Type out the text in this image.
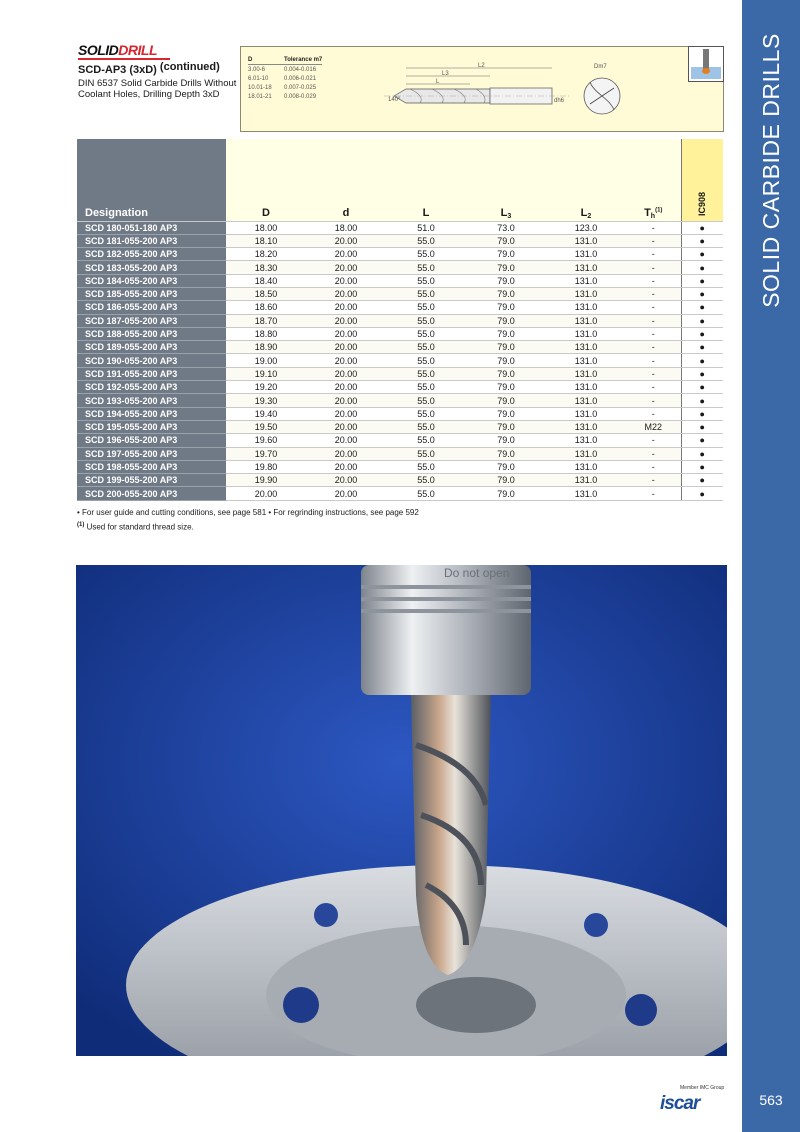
SOLID CARBIDE DRILLS
563
SOLIDDRILL
SCD-AP3 (3xD) (continued)
DIN 6537 Solid Carbide Drills Without
Coolant Holes, Drilling Depth 3xD
D	Tolerance m7
3.00-6	0.004-0.016
6.01-10	0.006-0.021
10.01-18	0.007-0.025
18.01-21	0.008-0.029
L2
L3
L
140°	dh6
Dm7
Designation	D	d	L	L3	L2	Th$^{(1)}$	IC908
SCD 180-051-180 AP3	18.00	18.00	51.0	73.0	123.0	-	●
SCD 181-055-200 AP3	18.10	20.00	55.0	79.0	131.0	-	●
SCD 182-055-200 AP3	18.20	20.00	55.0	79.0	131.0	-	●
SCD 183-055-200 AP3	18.30	20.00	55.0	79.0	131.0	-	●
SCD 184-055-200 AP3	18.40	20.00	55.0	79.0	131.0	-	●
SCD 185-055-200 AP3	18.50	20.00	55.0	79.0	131.0	-	●
SCD 186-055-200 AP3	18.60	20.00	55.0	79.0	131.0	-	●
SCD 187-055-200 AP3	18.70	20.00	55.0	79.0	131.0	-	●
SCD 188-055-200 AP3	18.80	20.00	55.0	79.0	131.0	-	●
SCD 189-055-200 AP3	18.90	20.00	55.0	79.0	131.0	-	●
SCD 190-055-200 AP3	19.00	20.00	55.0	79.0	131.0	-	●
SCD 191-055-200 AP3	19.10	20.00	55.0	79.0	131.0	-	●
SCD 192-055-200 AP3	19.20	20.00	55.0	79.0	131.0	-	●
SCD 193-055-200 AP3	19.30	20.00	55.0	79.0	131.0	-	●
SCD 194-055-200 AP3	19.40	20.00	55.0	79.0	131.0	-	●
SCD 195-055-200 AP3	19.50	20.00	55.0	79.0	131.0	M22	●
SCD 196-055-200 AP3	19.60	20.00	55.0	79.0	131.0	-	●
SCD 197-055-200 AP3	19.70	20.00	55.0	79.0	131.0	-	●
SCD 198-055-200 AP3	19.80	20.00	55.0	79.0	131.0	-	●
SCD 199-055-200 AP3	19.90	20.00	55.0	79.0	131.0	-	●
SCD 200-055-200 AP3	20.00	20.00	55.0	79.0	131.0	-	●
• For user guide and cutting conditions, see page 581 • For regrinding instructions, see page 592
$^{(1)}$ Used for standard thread size.
Do not open
Member IMC Group
iscar
